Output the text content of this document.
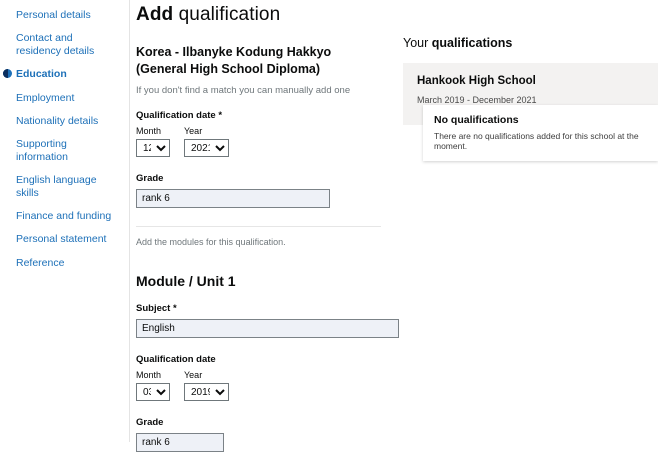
Personal details
Contact and residency details
Education
Employment
Nationality details
Supporting information
English language skills
Finance and funding
Personal statement
Reference
Add qualification
Korea - Ilbanyke Kodung Hakkyo (General High School Diploma)

If you don't find a match you can manually add one

Qualification date *
Month
12	Year
2021
Grade
rank 6

Add the modules for this qualification.

Module / Unit 1
Subject *
English
Qualification date
Month
03	Year
2019
Grade
rank 6
Your qualifications
Hankook High School

March 2019 - December 2021

No qualifications

There are no qualifications added for this school at the moment.
